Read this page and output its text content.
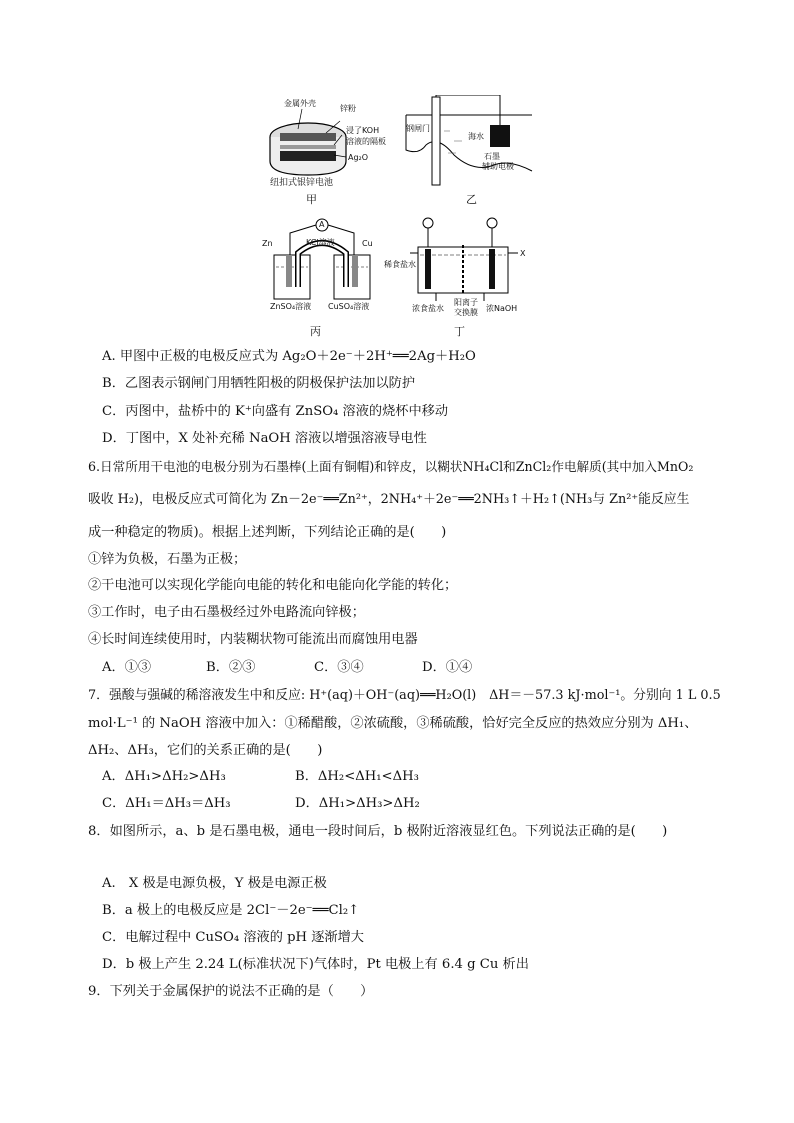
金属外壳
锌粉
浸了KOH
溶液的隔板
Ag₂O
纽扣式银锌电池
甲
钢闸门
海水
石墨
辅助电极
乙
A
Zn	KCl溶液	Cu
ZnSO₄溶液 CuSO₄溶液
丙
稀食盐水
X
浓食盐水
阳离子
交换膜 浓NaOH
丁
A. 甲图中正极的电极反应式为 Ag₂O＋2e⁻＋2H⁺══2Ag＋H₂O
B．乙图表示钢闸门用牺牲阳极的阴极保护法加以防护
C．丙图中，盐桥中的 K⁺向盛有 ZnSO₄ 溶液的烧杯中移动
D．丁图中，X 处补充稀 NaOH 溶液以增强溶液导电性
6.日常所用干电池的电极分别为石墨棒(上面有铜帽)和锌皮，以糊状NH₄Cl和ZnCl₂作电解质(其中加入MnO₂
吸收 H₂)，电极反应式可简化为 Zn－2e⁻══Zn²⁺，2NH₄⁺＋2e⁻══2NH₃↑＋H₂↑(NH₃与 Zn²⁺能反应生
成一种稳定的物质)。根据上述判断，下列结论正确的是(　　)
①锌为负极，石墨为正极；
②干电池可以实现化学能向电能的转化和电能向化学能的转化；
③工作时，电子由石墨极经过外电路流向锌极；
④长时间连续使用时，内装糊状物可能流出而腐蚀用电器
A．①③	B．②③	C．③④	D．①④
7．强酸与强碱的稀溶液发生中和反应: H⁺(aq)＋OH⁻(aq)══H₂O(l)　ΔH＝－57.3 kJ·mol⁻¹。分别向 1 L 0.5
mol·L⁻¹ 的 NaOH 溶液中加入：①稀醋酸，②浓硫酸，③稀硫酸，恰好完全反应的热效应分别为 ΔH₁、
ΔH₂、ΔH₃，它们的关系正确的是(　　)
A．ΔH₁>ΔH₂>ΔH₃	B．ΔH₂<ΔH₁<ΔH₃
C．ΔH₁＝ΔH₃＝ΔH₃	D．ΔH₁>ΔH₃>ΔH₂
8．如图所示，a、b 是石墨电极，通电一段时间后，b 极附近溶液显红色。下列说法正确的是(　　)
A.　X 极是电源负极，Y 极是电源正极
B．a 极上的电极反应是 2Cl⁻－2e⁻══Cl₂↑
C．电解过程中 CuSO₄ 溶液的 pH 逐渐增大
D．b 极上产生 2.24 L(标准状况下)气体时，Pt 电极上有 6.4 g Cu 析出
9．下列关于金属保护的说法不正确的是（　　）
